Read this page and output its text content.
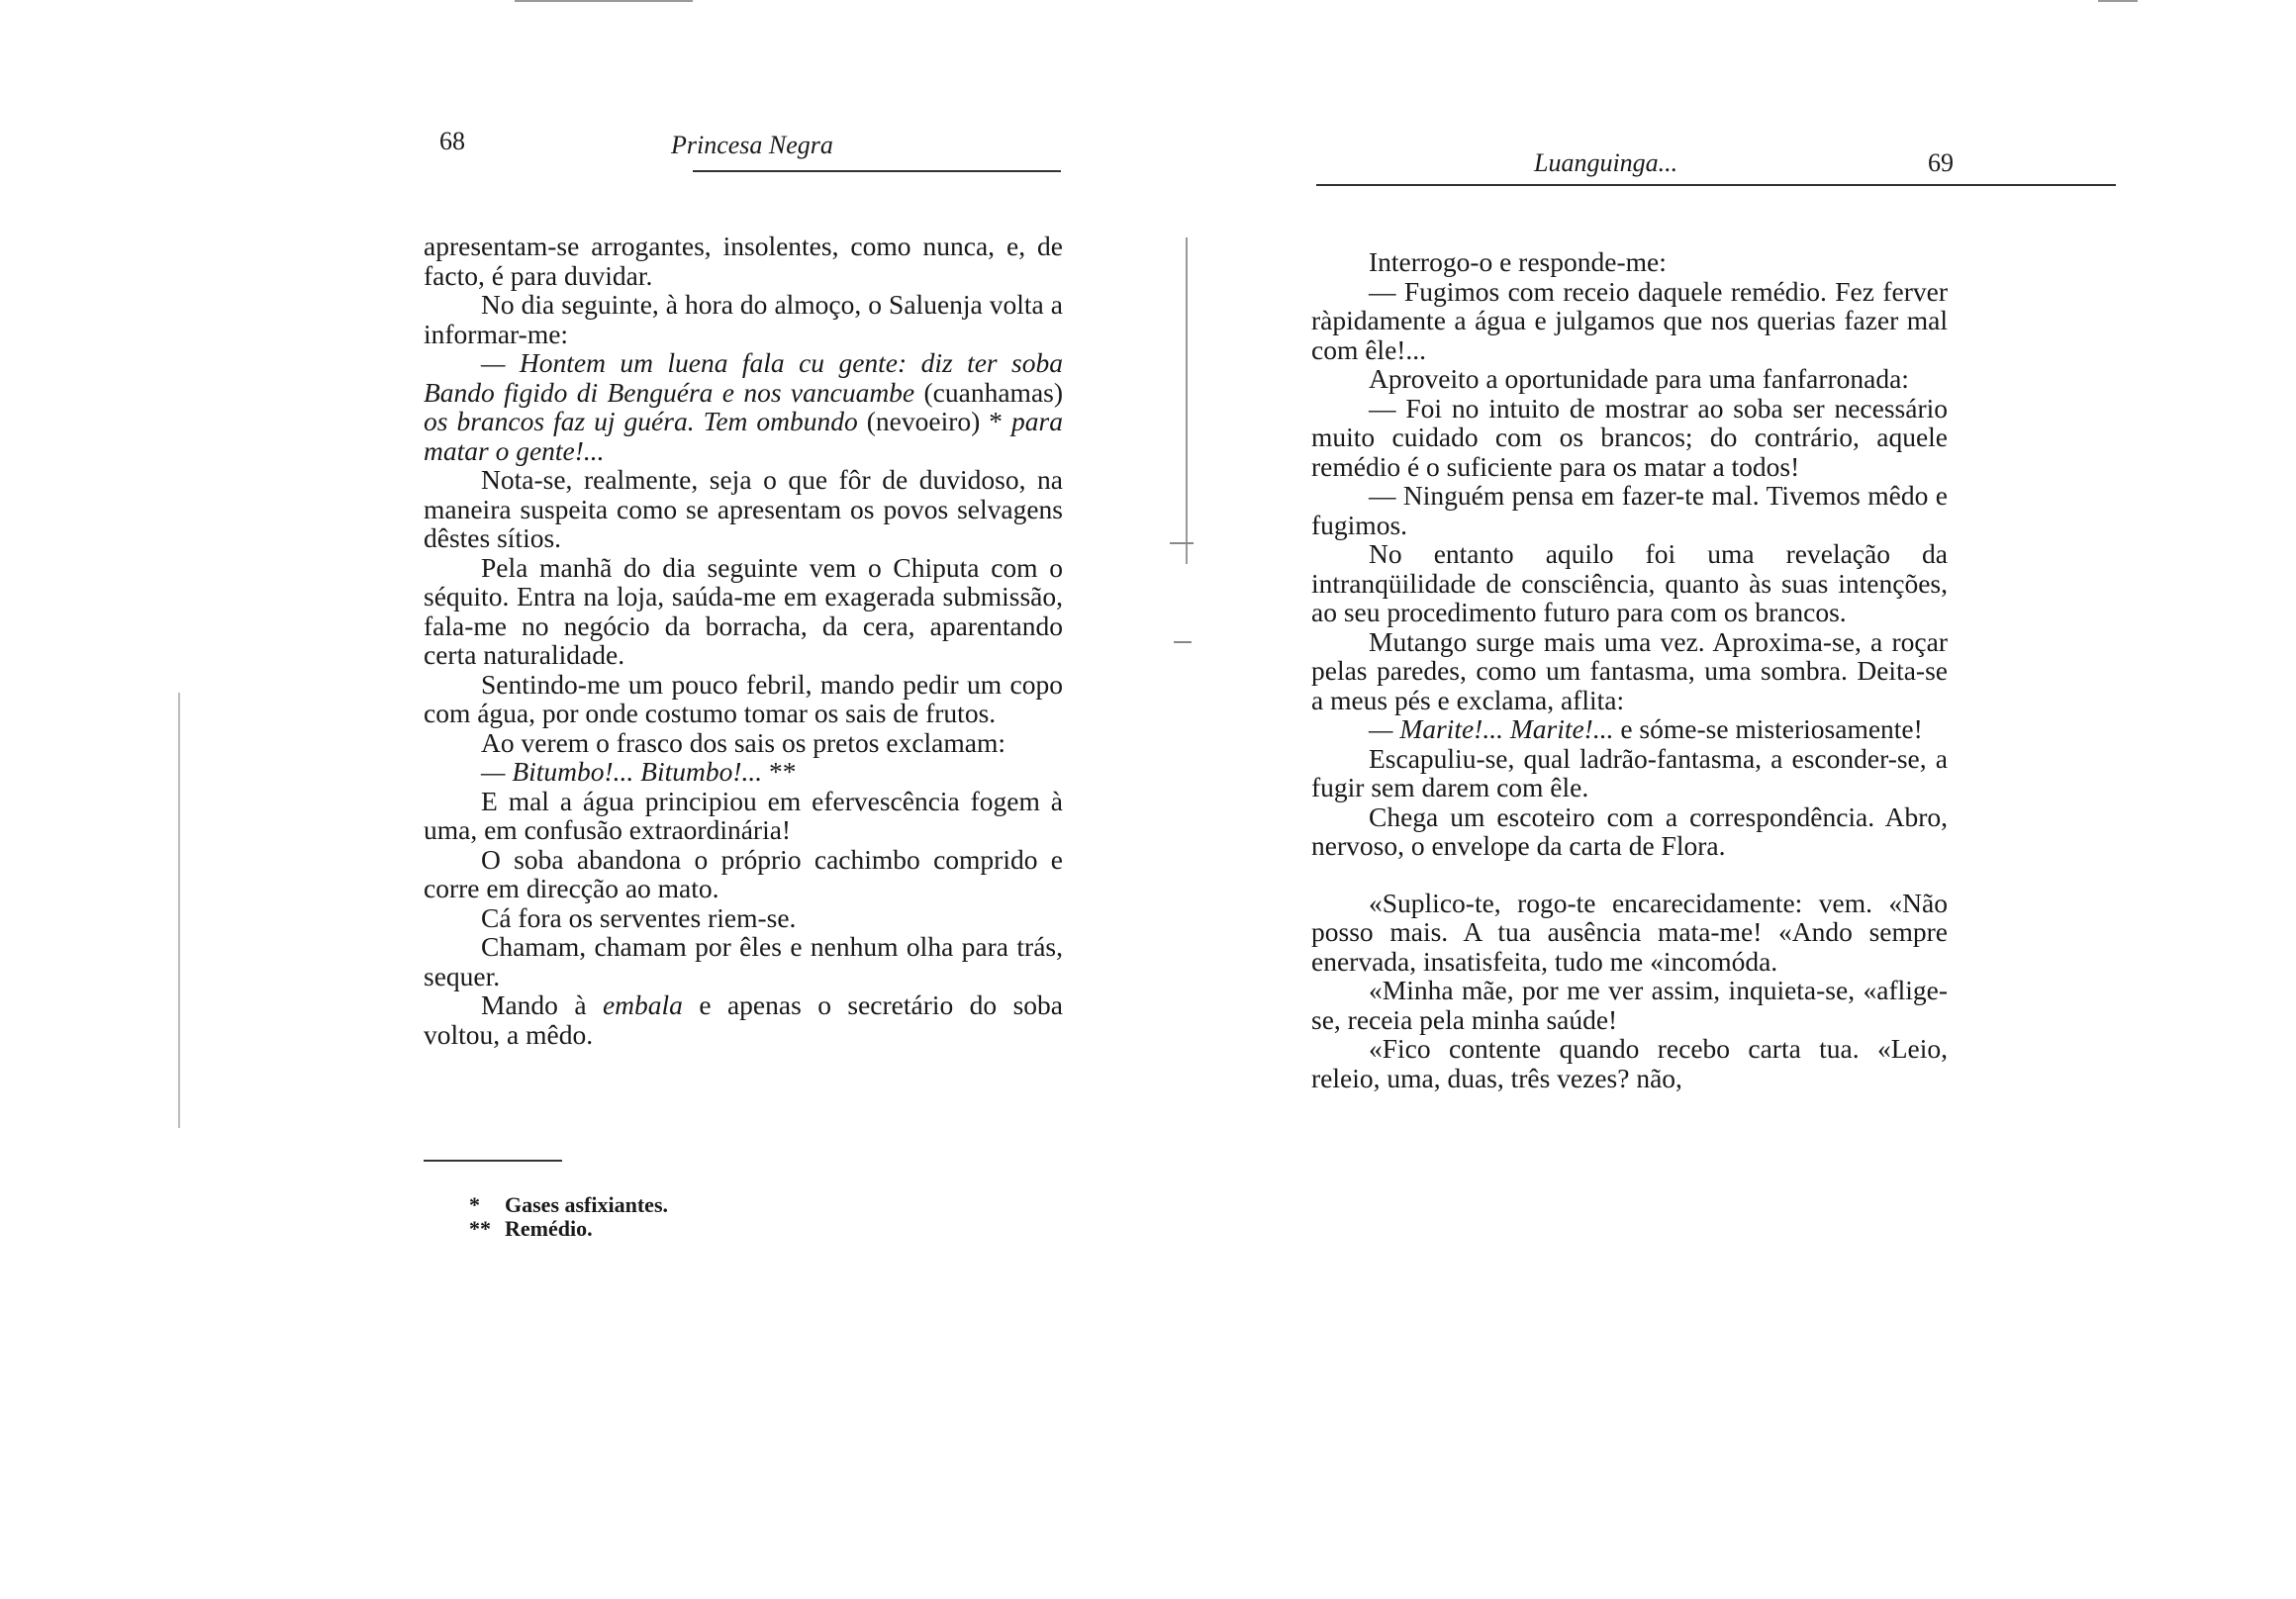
68	Princesa Negra

apresentam-se arrogantes, insolentes, como nunca, e, de facto, é para duvidar.

No dia seguinte, à hora do almoço, o Saluenja volta a informar-me:

— Hontem um luena fala cu gente: diz ter soba Bando figido di Benguéra e nos vancuambe (cuanhamas) os brancos faz uj guéra. Tem ombundo (nevoeiro) * para matar o gente!...

Nota-se, realmente, seja o que fôr de duvidoso, na maneira suspeita como se apresentam os povos selvagens dêstes sítios.

Pela manhã do dia seguinte vem o Chiputa com o séquito. Entra na loja, saúda-me em exagerada submissão, fala-me no negócio da borracha, da cera, aparentando certa naturalidade.

Sentindo-me um pouco febril, mando pedir um copo com água, por onde costumo tomar os sais de frutos.

Ao verem o frasco dos sais os pretos exclamam:

— Bitumbo!... Bitumbo!... **

E mal a água principiou em efervescência fogem à uma, em confusão extraordinária!

O soba abandona o próprio cachimbo comprido e corre em direcção ao mato.

Cá fora os serventes riem-se.

Chamam, chamam por êles e nenhum olha para trás, sequer.

Mando à embala e apenas o secretário do soba voltou, a mêdo.

* Gases asfixiantes.
** Remédio.
Luanguinga...	69

Interrogo-o e responde-me:

— Fugimos com receio daquele remédio. Fez ferver ràpidamente a água e julgamos que nos querias fazer mal com êle!...

Aproveito a oportunidade para uma fanfarronada:

— Foi no intuito de mostrar ao soba ser necessário muito cuidado com os brancos; do contrário, aquele remédio é o suficiente para os matar a todos!

— Ninguém pensa em fazer-te mal. Tivemos mêdo e fugimos.

No entanto aquilo foi uma revelação da intranqüilidade de consciência, quanto às suas intenções, ao seu procedimento futuro para com os brancos.

Mutango surge mais uma vez. Aproxima-se, a roçar pelas paredes, como um fantasma, uma sombra. Deita-se a meus pés e exclama, aflita:

— Marite!... Marite!... e sóme-se misteriosamente!

Escapuliu-se, qual ladrão-fantasma, a esconder-se, a fugir sem darem com êle.

Chega um escoteiro com a correspondência. Abro, nervoso, o envelope da carta de Flora.

«Suplico-te, rogo-te encarecidamente: vem. «Não posso mais. A tua ausência mata-me! «Ando sempre enervada, insatisfeita, tudo me «incomóda.

«Minha mãe, por me ver assim, inquieta-se, «aflige-se, receia pela minha saúde!

«Fico contente quando recebo carta tua. «Leio, releio, uma, duas, três vezes? não,
